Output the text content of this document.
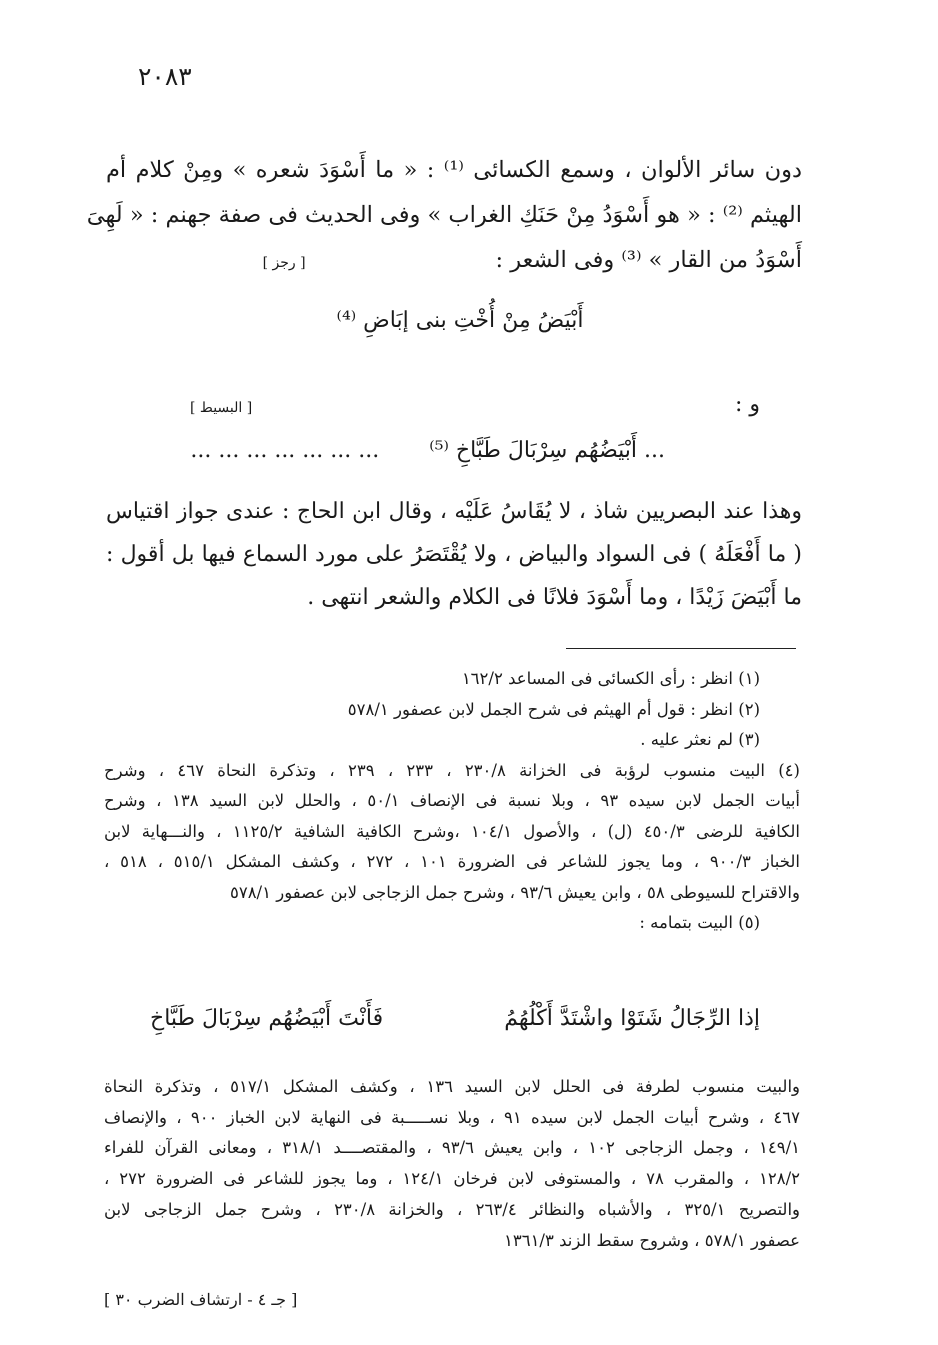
٢٠٨٣
دون سائر الألوان ، وسمع الكسائى ⁽¹⁾ : « ما أَسْوَدَ شعره » ومِنْ كلام أم
الهيثم ⁽²⁾ : « هو أَسْوَدُ مِنْ حَنَكِ الغراب » وفى الحديث فى صفة جهنم : « لَهِىَ
أَسْوَدُ من القار » ⁽³⁾ وفى الشعر :[ رجز ]
أَبْيَضُ مِنْ أُخْتِ بنى إبَاضِ ⁽⁴⁾
و :
[ البسيط ]
... أَبْيَضُهُم سِرْبَالَ طَبَّاخِ ⁽⁵⁾  ... ... ... ... ... ... ...
وهذا عند البصريين شاذ ، لا يُقَاسُ عَلَيْه ، وقال ابن الحاج : عندى جواز اقتياس
( ما أَفْعَلَهُ ) فى السواد والبياض ، ولا يُقْتَصَرُ على مورد السماع فيها بل أقول :
ما أَبْيَضَ زَيْدًا ، وما أَسْوَدَ فلانًا فى الكلام والشعر انتهى .
(١) انظر : رأى الكسائى فى المساعد ١٦٢/٢
(٢) انظر : قول أم الهيثم فى شرح الجمل لابن عصفور ٥٧٨/١
(٣) لم نعثر عليه .
(٤) البيت منسوب لرؤبة فى الخزانة ٢٣٠/٨ ، ٢٣٣ ، ٢٣٩ ، وتذكرة النحاة ٤٦٧ ، وشرح
أبيات الجمل لابن سيده ٩٣ ، وبلا نسبة فى الإنصاف ٥٠/١ ، والحلل لابن السيد ١٣٨ ، وشرح
الكافية للرضى ٤٥٠/٣ (ل) ، والأصول ١٠٤/١ ،وشرح الكافية الشافية ١١٢٥/٢ ، والنـــهاية لابن
الخباز ٩٠٠/٣ ، وما يجوز للشاعر فى الضرورة ١٠١ ، ٢٧٢ ، وكشف المشكل ٥١٥/١ ، ٥١٨ ،
والاقتراح للسيوطى ٥٨ ، وابن يعيش ٩٣/٦ ، وشرح جمل الزجاجى لابن عصفور ٥٧٨/١
(٥) البيت بتمامه :
إذا الرِّجَالُ شَتَوْا واشْتَدَّ أَكْلُهُمُ
فَأَنْتَ أَبْيَضُهُم سِرْبَالَ طَبَّاخِ
والبيت منسوب لطرفة فى الحلل لابن السيد ١٣٦ ، وكشف المشكل ٥١٧/١ ، وتذكرة النحاة
٤٦٧ ، وشرح أبيات الجمل لابن سيده ٩١ ، وبلا نســـــبة فى النهاية لابن الخباز ٩٠٠ ، والإنصاف
١٤٩/١ ، وجمل الزجاجى ١٠٢ ، وابن يعيش ٩٣/٦ ، والمقتصــــد ٣١٨/١ ، ومعانى القرآن للفراء
١٢٨/٢ ، والمقرب ٧٨ ، والمستوفى لابن فرخان ١٢٤/١ ، وما يجوز للشاعر فى الضرورة ٢٧٢ ،
والتصريح ٣٢٥/١ ، والأشباه والنظائر ٢٦٣/٤ ، والخزانة ٢٣٠/٨ ، وشرح جمل الزجاجى لابن
عصفور ٥٧٨/١ ، وشروح سقط الزند ١٣٦١/٣
[ جـ ٤ - ارتشاف الضرب ٣٠ ]
